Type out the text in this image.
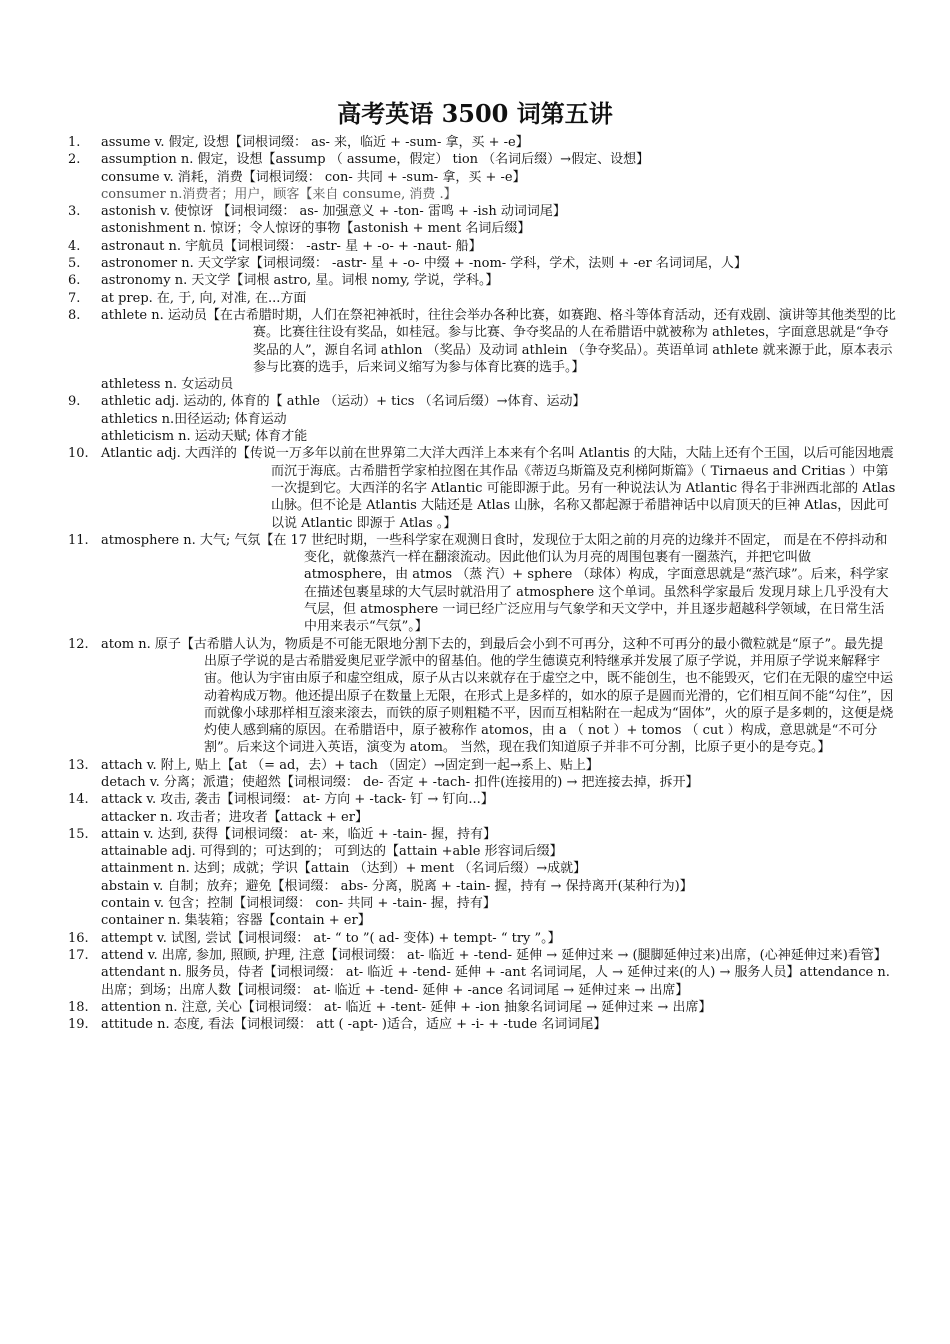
高考英语 3500 词第五讲
1. assume v. 假定, 设想【词根词缀： as- 来，临近 + -sum- 拿，买 + -e】
2. assumption n. 假定，设想【assump （ assume，假定） tion （名词后缀）→假定、设想】
consume v. 消耗，消费【词根词缀： con- 共同 + -sum- 拿，买 + -e】
consumer n.消费者；用户，顾客【来自 consume, 消费 .】
3. astonish v. 使惊讶 【词根词缀： as- 加强意义 + -ton- 雷鸣 + -ish 动词词尾】
astonishment n. 惊讶；令人惊讶的事物【astonish + ment 名词后缀】
4. astronaut n. 宇航员【词根词缀： -astr- 星 + -o- + -naut- 船】
5. astronomer n. 天文学家【词根词缀： -astr- 星 + -o- 中缀 + -nom- 学科，学术，法则 + -er 名词词尾，人】
6. astronomy n. 天文学【词根 astro, 星。词根 nomy, 学说，学科。】
7. at prep. 在, 于, 向, 对准, 在...方面
8. athlete n. 运动员【在古希腊时期，人们在祭祀神祇时，往往会举办各种比赛，如赛跑、格斗等体育活动，还有戏剧、演讲等其他类型的比赛。比赛往往设有奖品，如桂冠。参与比赛、争夺奖品的人在希腊语中就被称为 athletes，字面意思就是“争夺奖品的人”，源自名词 athlon （奖品）及动词 athlein （争夺奖品）。英语单词 athlete 就来源于此，原本表示参与比赛的选手，后来词义缩写为参与体育比赛的选手。】
athletess n. 女运动员
9. athletic adj. 运动的, 体育的【 athle （运动）+ tics （名词后缀）→体育、运动】
athletics n.田径运动; 体育运动
athleticism n. 运动天赋; 体育才能
10. Atlantic adj. 大西洋的【传说一万多年以前在世界第二大洋大西洋上本来有个名叫 Atlantis 的大陆，大陆上还有个王国，以后可能因地震而沉于海底。古希腊哲学家柏拉图在其作品《蒂迈乌斯篇及克利梯阿斯篇》（ Tirnaeus and Critias ）中第一次提到它。大西洋的名字 Atlantic 可能即源于此。另有一种说法认为 Atlantic 得名于非洲西北部的 Atlas 山脉。但不论是 Atlantis 大陆还是 Atlas 山脉，名称又都起源于希腊神话中以肩顶天的巨神 Atlas，因此可以说 Atlantic 即源于 Atlas 。】
11. atmosphere n. 大气; 气氛【在 17 世纪时期，一些科学家在观测日食时，发现位于太阳之前的月亮的边缘并不固定， 而是在不停抖动和变化，就像蒸汽一样在翻滚流动。因此他们认为月亮的周围包裹有一圈蒸汽，并把它叫做 atmosphere，由 atmos （蒸 汽）+ sphere （球体）构成，字面意思就是“蒸汽球”。后来，科学家在描述包裹星球的大气层时就沿用了 atmosphere 这个单词。虽然科学家最后 发现月球上几乎没有大气层，但 atmosphere 一词已经广泛应用与气象学和天文学中，并且逐步超越科学领域，在日常生活中用来表示“气氛”。】
12. atom n. 原子【古希腊人认为，物质是不可能无限地分割下去的，到最后会小到不可再分，这种不可再分的最小微粒就是“原子”。最先提出原子学说的是古希腊爱奥尼亚学派中的留基伯。他的学生德谟克利特继承并发展了原子学说，并用原子学说来解释宇宙。他认为宇宙由原子和虚空组成，原子从古以来就存在于虚空之中，既不能创生，也不能毁灭，它们在无限的虚空中运动着构成万物。他还提出原子在数量上无限，在形式上是多样的，如水的原子是圆而光滑的，它们相互间不能“勾住”，因而就像小球那样相互滚来滚去，而铁的原子则粗糙不平，因而互相粘附在一起成为“固体”，火的原子是多刺的，这便是烧灼使人感到痛的原因。在希腊语中，原子被称作 atomos，由 a （ not ）+ tomos （ cut ）构成，意思就是“不可分割”。后来这个词进入英语，演变为 atom。 当然，现在我们知道原子并非不可分割，比原子更小的是夸克。】
13. attach v. 附上, 贴上【at （= ad，去）+ tach （固定）→固定到一起→系上、贴上】
detach v. 分离；派遣；使超然【词根词缀： de- 否定 + -tach- 扣件(连接用的) → 把连接去掉，拆开】
14. attack v. 攻击, 袭击【词根词缀： at- 方向 + -tack- 钉 → 钉向...】
attacker n. 攻击者；进攻者【attack + er】
15. attain v. 达到, 获得【词根词缀： at- 来，临近 + -tain- 握，持有】
attainable adj. 可得到的；可达到的； 可到达的【attain +able 形容词后缀】
attainment n. 达到；成就；学识【attain （达到）+ ment （名词后缀）→成就】
abstain v. 自制；放弃；避免【根词缀： abs- 分离，脱离 + -tain- 握，持有 → 保持离开(某种行为)】
contain v. 包含；控制【词根词缀： con- 共同 + -tain- 握，持有】
container n. 集装箱；容器【contain + er】
16. attempt v. 试图, 尝试【词根词缀： at- “ to ”( ad- 变体) + tempt- “ try ”。】
17. attend v. 出席, 参加, 照顾, 护理, 注意【词根词缀： at- 临近 + -tend- 延伸 → 延伸过来 → (腿脚延伸过来)出席，(心神延伸过来)看管】
attendant n. 服务员，侍者【词根词缀： at- 临近 + -tend- 延伸 + -ant 名词词尾，人 → 延伸过来(的人) → 服务人员】attendance n. 出席；到场；出席人数【词根词缀： at- 临近 + -tend- 延伸 + -ance 名词词尾 → 延伸过来 → 出席】
18. attention n. 注意, 关心【词根词缀： at- 临近 + -tent- 延伸 + -ion 抽象名词词尾 → 延伸过来 → 出席】
19. attitude n. 态度, 看法【词根词缀： att ( -apt- )适合，适应 + -i- + -tude 名词词尾】
